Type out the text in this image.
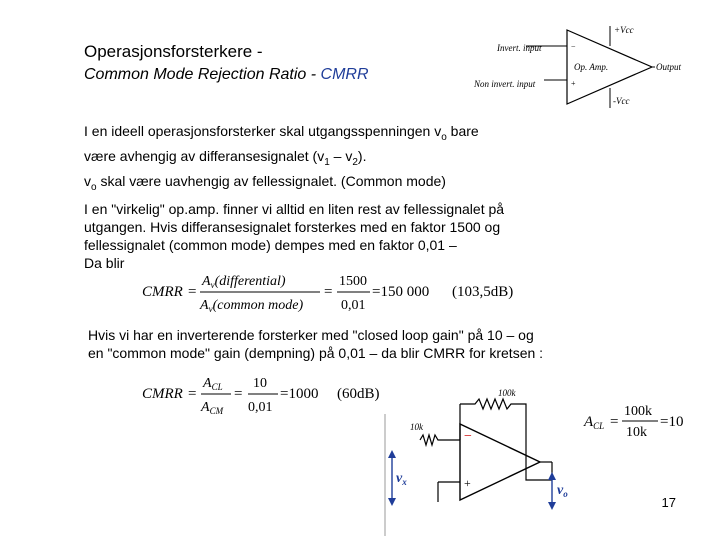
Operasjonsforsterkere -
Common Mode Rejection Ratio - CMRR
+Vcc
-Vcc
Invert. input
Non invert. input
Op. Amp.	Output
−
+
I en ideell operasjonsforsterker skal utgangsspenningen $v_o$ bare
være avhengig av differansesignalet $(v_1 - v_2)$.
$v_o$ skal være uavhengig av fellessignalet. (Common mode)
I en "virkelig" op.amp. finner vi alltid en liten rest av fellessignalet på
utgangen. Hvis differansesignalet forsterkes med en faktor 1500 og
fellessignalet (common mode) dempes med en faktor 0,01 –
Da blir
CMRR =
$A_v(differential)$
$A_v(common$ mode)
=
1500
0,01
=150 000 (103,5dB)
Hvis vi har en inverterende forsterker med "closed loop gain" på 10 – og
en "common mode" gain (dempning) på 0,01 – da blir CMRR for kretsen :
CMRR =
$A_{CL}$
$A_{CM}$
=
10
0,01
=1000 (60dB)
$A_{CL}$ =
100k
10k
=10
100k
10k
−
+
$v_x$
$v_o$
17
